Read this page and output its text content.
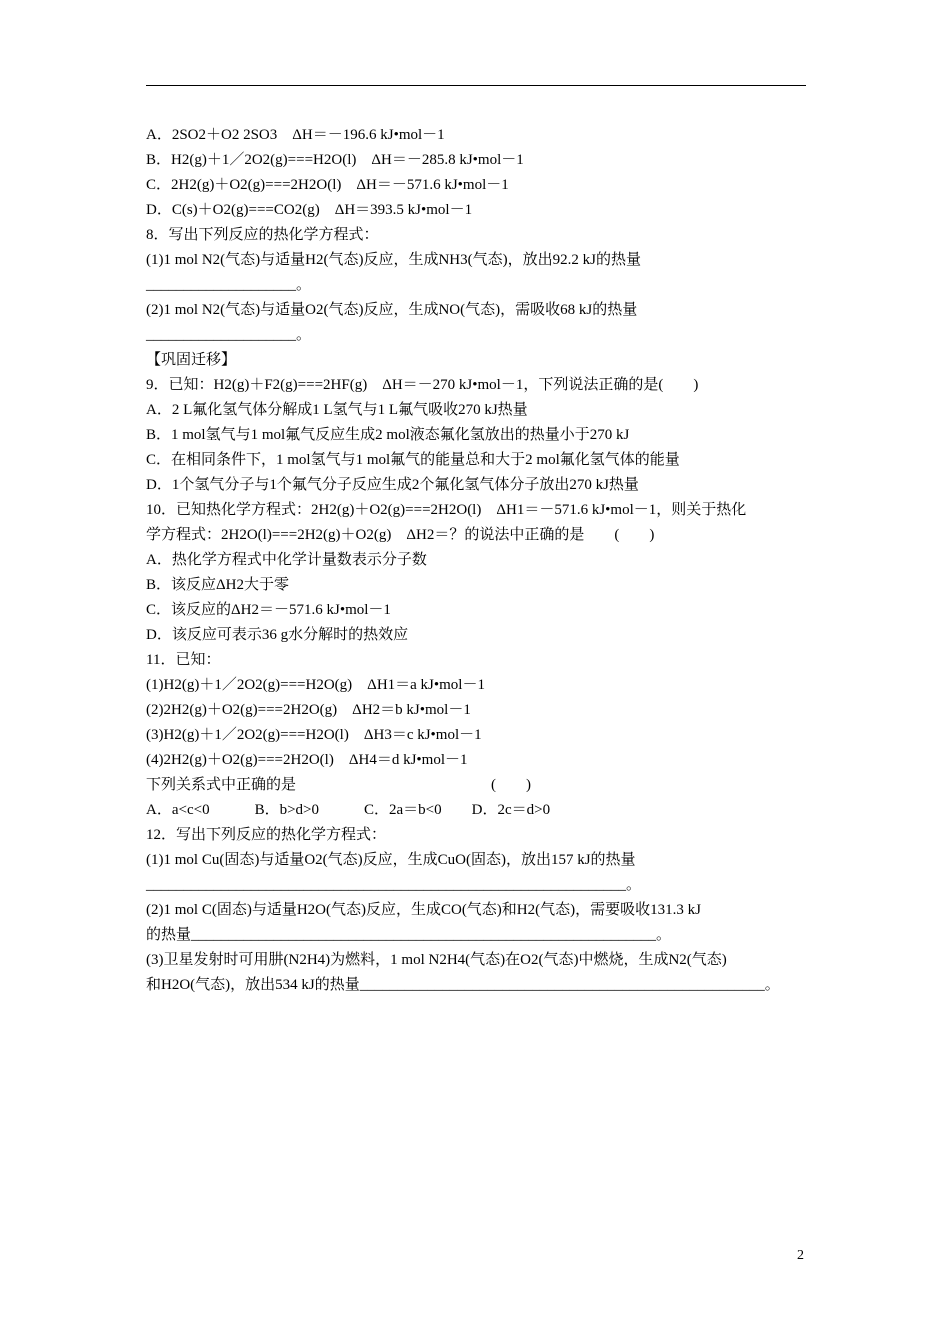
A．2SO2＋O2 2SO3　ΔH＝－196.6 kJ•mol－1
B．H2(g)＋1／2O2(g)===H2O(l)　ΔH＝－285.8 kJ•mol－1
C．2H2(g)＋O2(g)===2H2O(l)　ΔH＝－571.6 kJ•mol－1
D．C(s)＋O2(g)===CO2(g)　ΔH＝393.5 kJ•mol－1
8．写出下列反应的热化学方程式：
(1)1 mol N2(气态)与适量H2(气态)反应，生成NH3(气态)，放出92.2 kJ的热量
____________________。
(2)1 mol N2(气态)与适量O2(气态)反应，生成NO(气态)，需吸收68 kJ的热量
____________________。
【巩固迁移】
9．已知：H2(g)＋F2(g)===2HF(g)　ΔH＝－270 kJ•mol－1，下列说法正确的是(　　)
A．2 L氟化氢气体分解成1 L氢气与1 L氟气吸收270 kJ热量
B．1 mol氢气与1 mol氟气反应生成2 mol液态氟化氢放出的热量小于270 kJ
C．在相同条件下，1 mol氢气与1 mol氟气的能量总和大于2 mol氟化氢气体的能量
D．1个氢气分子与1个氟气分子反应生成2个氟化氢气体分子放出270 kJ热量
10．已知热化学方程式：2H2(g)＋O2(g)===2H2O(l)　ΔH1＝－571.6 kJ•mol－1，则关于热化
学方程式：2H2O(l)===2H2(g)＋O2(g)　ΔH2＝？的说法中正确的是　　(　　)
A．热化学方程式中化学计量数表示分子数
B．该反应ΔH2大于零
C．该反应的ΔH2＝－571.6 kJ•mol－1
D．该反应可表示36 g水分解时的热效应
11．已知：
(1)H2(g)＋1／2O2(g)===H2O(g)　ΔH1＝a kJ•mol－1
(2)2H2(g)＋O2(g)===2H2O(g)　ΔH2＝b kJ•mol－1
(3)H2(g)＋1／2O2(g)===H2O(l)　ΔH3＝c kJ•mol－1
(4)2H2(g)＋O2(g)===2H2O(l)　ΔH4＝d kJ•mol－1
下列关系式中正确的是　　　　　　　　　　　　　(　　)
A．a<c<0　　　B．b>d>0　　　C．2a＝b<0　　D．2c＝d>0
12．写出下列反应的热化学方程式：
(1)1 mol Cu(固态)与适量O2(气态)反应，生成CuO(固态)，放出157 kJ的热量
________________________________________________________________。
(2)1 mol C(固态)与适量H2O(气态)反应，生成CO(气态)和H2(气态)，需要吸收131.3 kJ
的热量______________________________________________________________。
(3)卫星发射时可用肼(N2H4)为燃料，1 mol N2H4(气态)在O2(气态)中燃烧，生成N2(气态)
和H2O(气态)，放出534 kJ的热量______________________________________________________。
2
